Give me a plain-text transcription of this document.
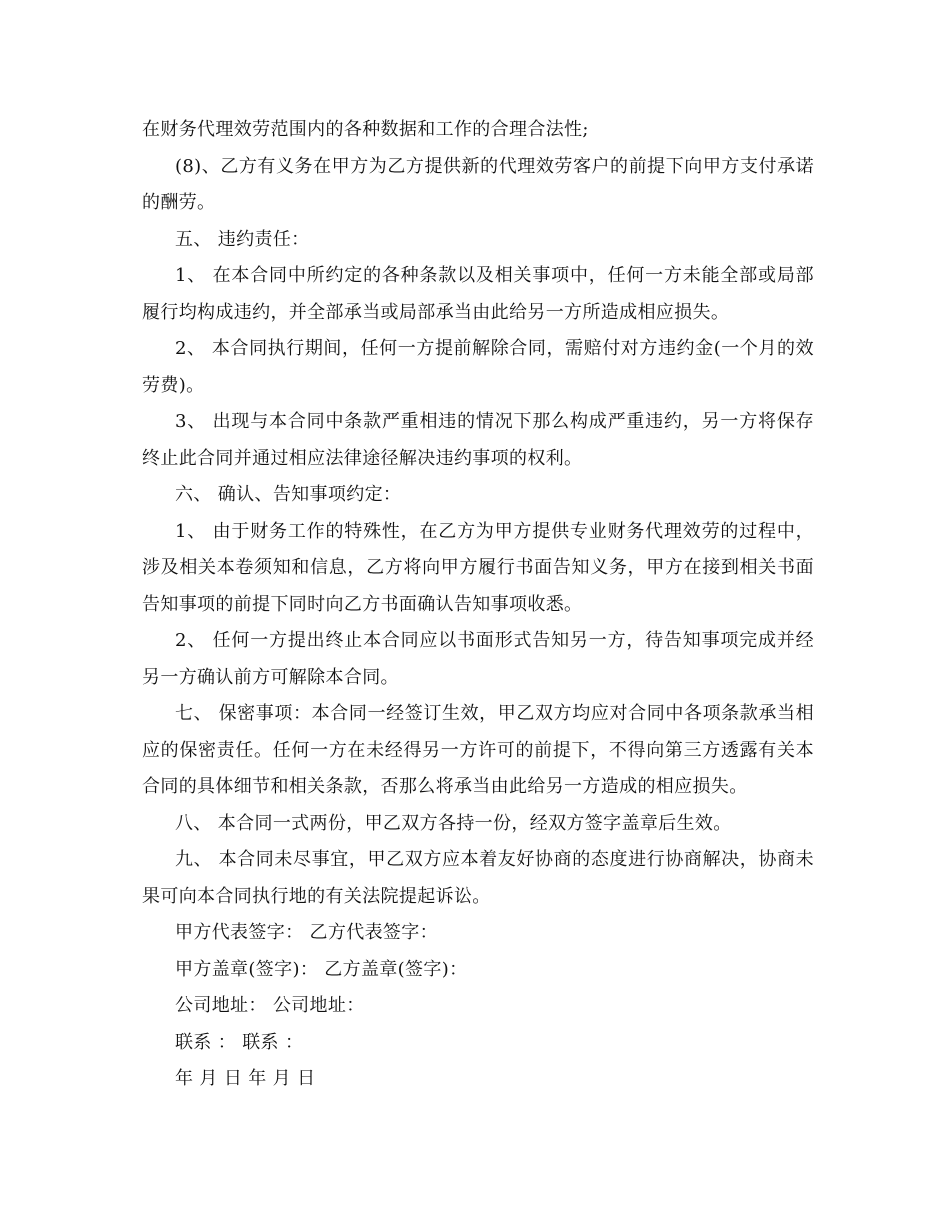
在财务代理效劳范围内的各种数据和工作的合理合法性;

(8)、乙方有义务在甲方为乙方提供新的代理效劳客户的前提下向甲方支付承诺的酬劳。

五、 违约责任：

1、 在本合同中所约定的各种条款以及相关事项中，任何一方未能全部或局部履行均构成违约，并全部承当或局部承当由此给另一方所造成相应损失。

2、 本合同执行期间，任何一方提前解除合同，需赔付对方违约金(一个月的效劳费)。

3、 出现与本合同中条款严重相违的情况下那么构成严重违约，另一方将保存终止此合同并通过相应法律途径解决违约事项的权利。

六、 确认、告知事项约定：

1、 由于财务工作的特殊性，在乙方为甲方提供专业财务代理效劳的过程中，涉及相关本卷须知和信息，乙方将向甲方履行书面告知义务，甲方在接到相关书面告知事项的前提下同时向乙方书面确认告知事项收悉。

2、 任何一方提出终止本合同应以书面形式告知另一方，待告知事项完成并经另一方确认前方可解除本合同。

七、 保密事项：本合同一经签订生效，甲乙双方均应对合同中各项条款承当相应的保密责任。任何一方在未经得另一方许可的前提下，不得向第三方透露有关本合同的具体细节和相关条款，否那么将承当由此给另一方造成的相应损失。

八、 本合同一式两份，甲乙双方各持一份，经双方签字盖章后生效。

九、 本合同未尽事宜，甲乙双方应本着友好协商的态度进行协商解决，协商未果可向本合同执行地的有关法院提起诉讼。

甲方代表签字： 乙方代表签字：

甲方盖章(签字)： 乙方盖章(签字)：

公司地址： 公司地址：

联系 ： 联系 ：

年 月 日 年 月 日
